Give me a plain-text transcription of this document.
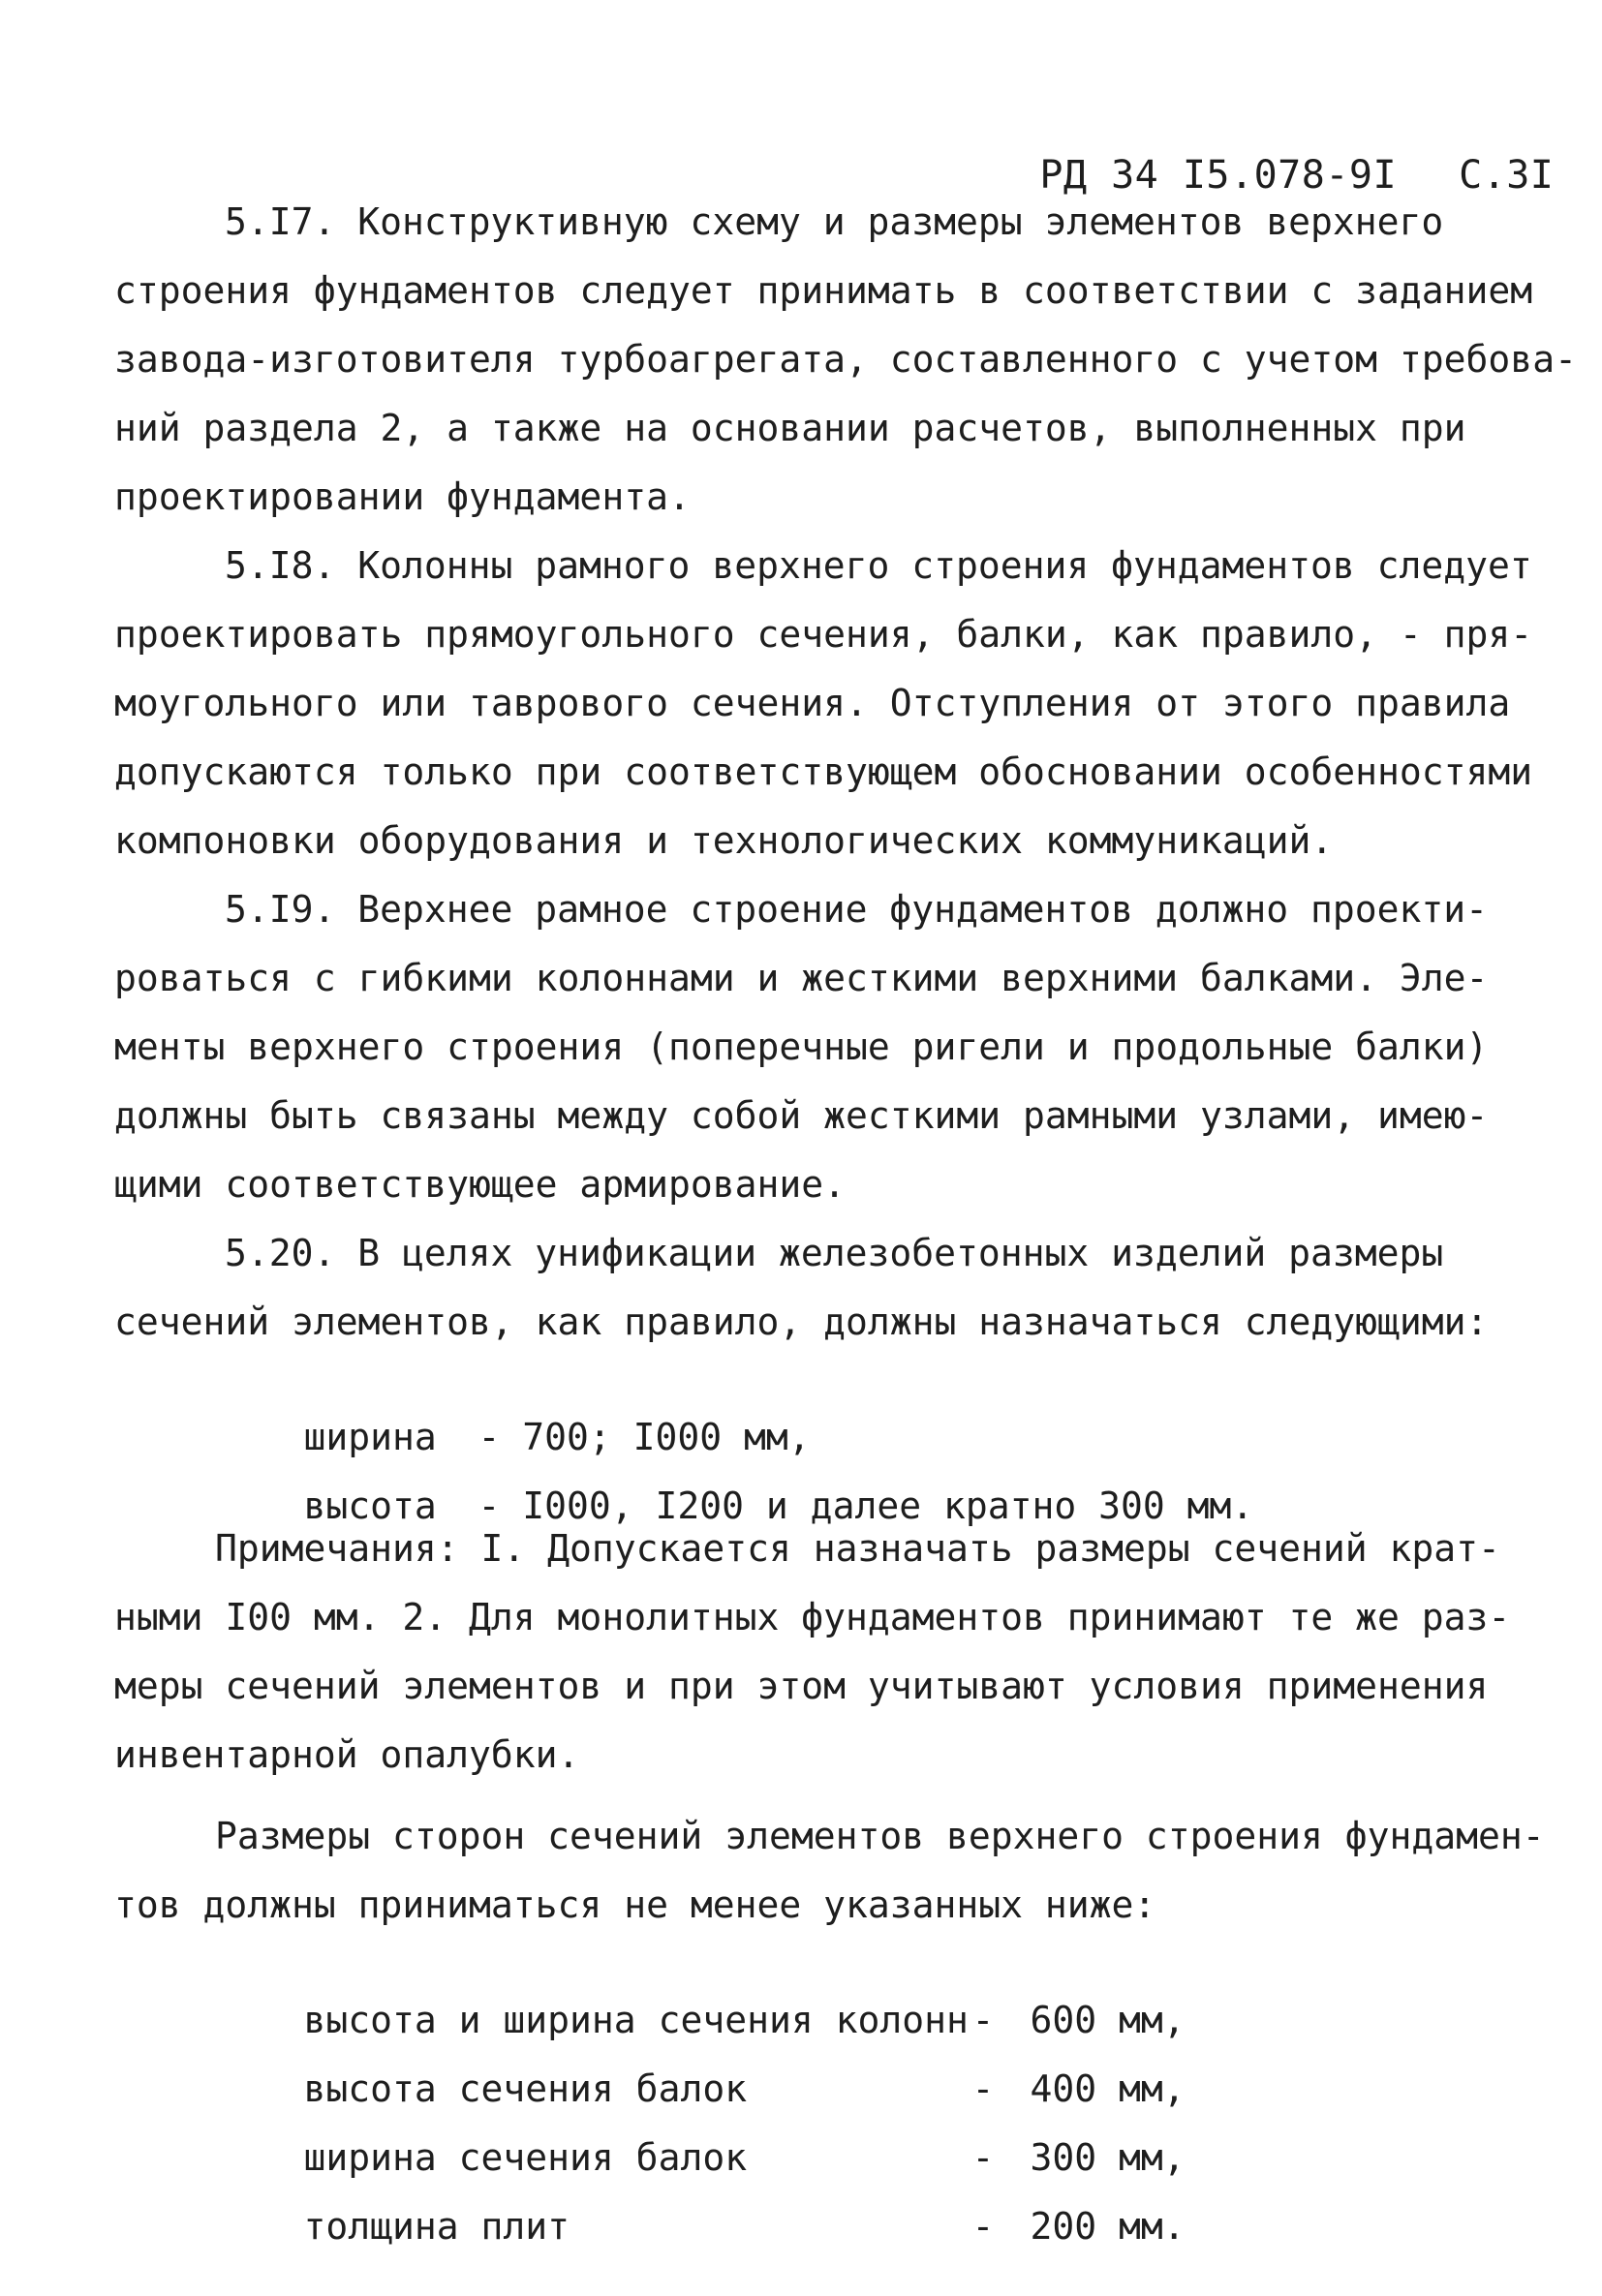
РД 34 I5.078-9I С.3I

5.I7. Конструктивную схему и размеры элементов верхнего
строения фундаментов следует принимать в соответствии с заданием
завода-изготовителя турбоагрегата, составленного с учетом требова-
ний раздела 2, а также на основании расчетов, выполненных при
проектировании фундамента.
5.I8. Колонны рамного верхнего строения фундаментов следует
проектировать прямоугольного сечения, балки, как правило, - пря-
моугольного или таврового сечения. Отступления от этого правила
допускаются только при соответствующем обосновании особенностями
компоновки оборудования и технологических коммуникаций.
5.I9. Верхнее рамное строение фундаментов должно проекти-
роваться с гибкими колоннами и жесткими верхними балками. Эле-
менты верхнего строения (поперечные ригели и продольные балки)
должны быть связаны между собой жесткими рамными узлами, имею-
щими соответствующее армирование.
5.20. В целях унификации железобетонных изделий размеры
сечений элементов, как правило, должны назначаться следующими:

ширина - 700; I000 мм,

высота - I000, I200 и далее кратно 300 мм.

Примечания: I. Допускается назначать размеры сечений крат-
ными I00 мм. 2. Для монолитных фундаментов принимают те же раз-
меры сечений элементов и при этом учитывают условия применения
инвентарной опалубки.
Размеры сторон сечений элементов верхнего строения фундамен-
тов должны приниматься не менее указанных ниже:

высота и ширина сечения колонн- 600 мм,

высота сечения балок	- 400 мм,

ширина сечения балок	- 300 мм,

толщина плит	- 200 мм.
